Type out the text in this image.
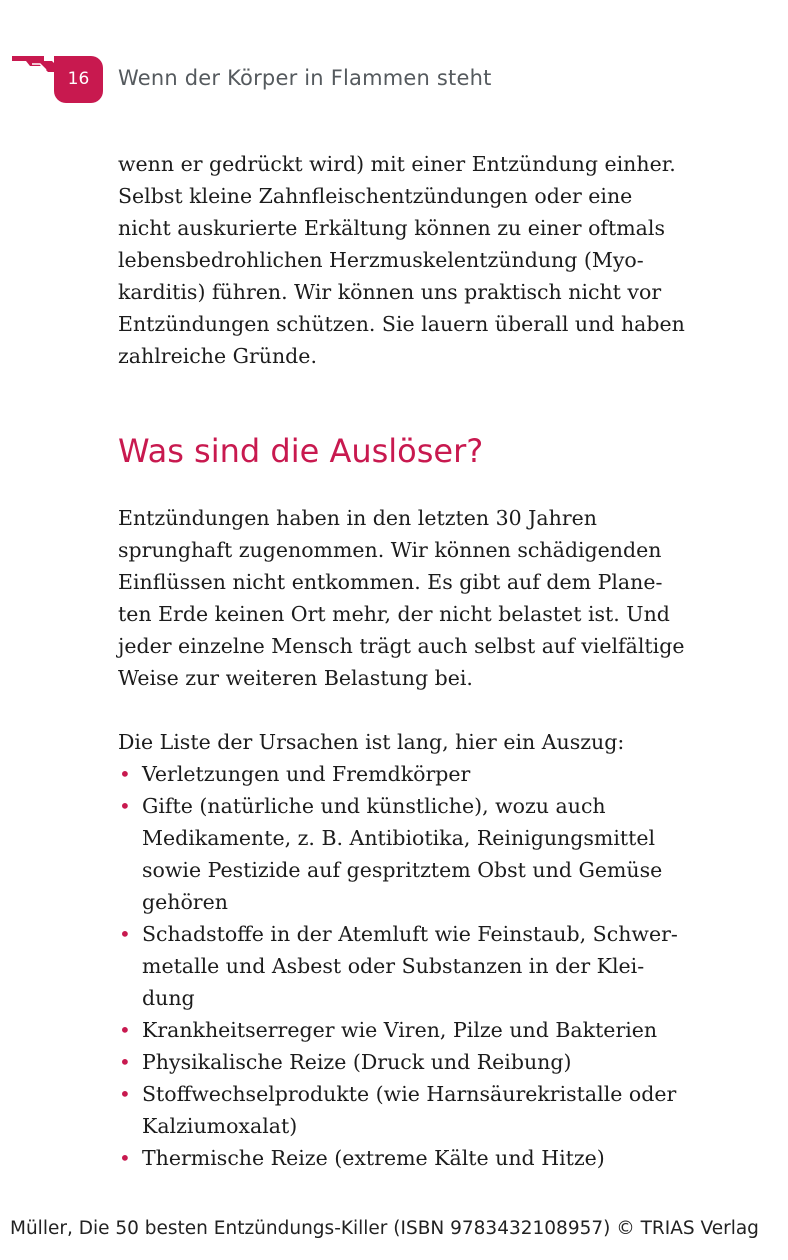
16	Wenn der Körper in Flammen steht

wenn er gedrückt wird) mit einer Entzündung einher.
Selbst kleine Zahnfleischentzündungen oder eine
nicht auskurierte Erkältung können zu einer oftmals
lebensbedrohlichen Herzmuskelentzündung (Myo-
karditis) führen. Wir können uns praktisch nicht vor
Entzündungen schützen. Sie lauern überall und haben
zahlreiche Gründe.

Was sind die Auslöser?

Entzündungen haben in den letzten 30 Jahren
sprunghaft zugenommen. Wir können schädigenden
Einflüssen nicht entkommen. Es gibt auf dem Plane-
ten Erde keinen Ort mehr, der nicht belastet ist. Und
jeder einzelne Mensch trägt auch selbst auf vielfältige
Weise zur weiteren Belastung bei.

Die Liste der Ursachen ist lang, hier ein Auszug:

• Verletzungen und Fremdkörper
• Gifte (natürliche und künstliche), wozu auch
Medikamente, z. B. Antibiotika, Reinigungsmittel
sowie Pestizide auf gespritztem Obst und Gemüse
gehören
• Schadstoffe in der Atemluft wie Feinstaub, Schwer-
metalle und Asbest oder Substanzen in der Klei-
dung
• Krankheitserreger wie Viren, Pilze und Bakterien
• Physikalische Reize (Druck und Reibung)
• Stoffwechselprodukte (wie Harnsäurekristalle oder
Kalziumoxalat)
• Thermische Reize (extreme Kälte und Hitze)
Müller, Die 50 besten Entzündungs-Killer (ISBN 9783432108957) © TRIAS Verlag
